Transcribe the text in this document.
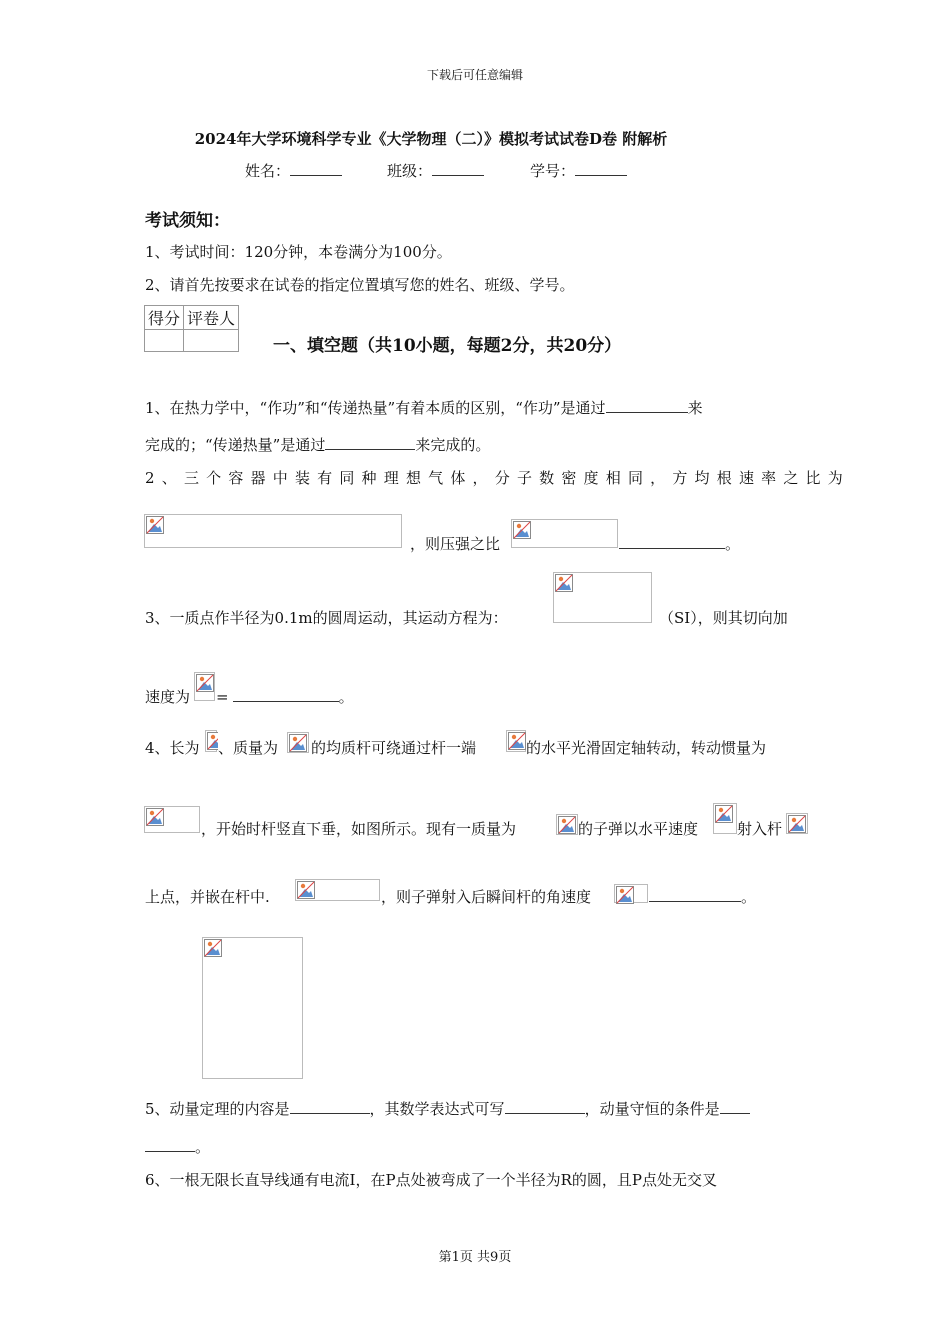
下载后可任意编辑
2024年大学环境科学专业《大学物理（二）》模拟考试试卷D卷 附解析
姓名：	班级：	学号：
考试须知：
1、考试时间：120分钟，本卷满分为100分。
2、请首先按要求在试卷的指定位置填写您的姓名、班级、学号。
得分	评卷人

一、填空题（共10小题，每题2分，共20分）
1、在热力学中，“作功”和“传递热量”有着本质的区别，“作功”是通过	来
完成的；“传递热量”是通过	来完成的。
2、三个容器中装有同种理想气体，分子数密度相同，方均根速率之比为
，则压强之比	。
3、一质点作半径为0.1m的圆周运动，其运动方程为：	（SI），则其切向加
速度为 =	。
4、长为 、质量为 的均质杆可绕通过杆一端	的水平光滑固定轴转动，转动惯量为
，开始时杆竖直下垂，如图所示。现有一质量为	的子弹以水平速度	射入杆
上点，并嵌在杆中.	，则子弹射入后瞬间杆的角速度	。
5、动量定理的内容是	，其数学表达式可写	，动量守恒的条件是
。
6、一根无限长直导线通有电流I，在P点处被弯成了一个半径为R的圆，且P点处无交叉
第1页 共9页
